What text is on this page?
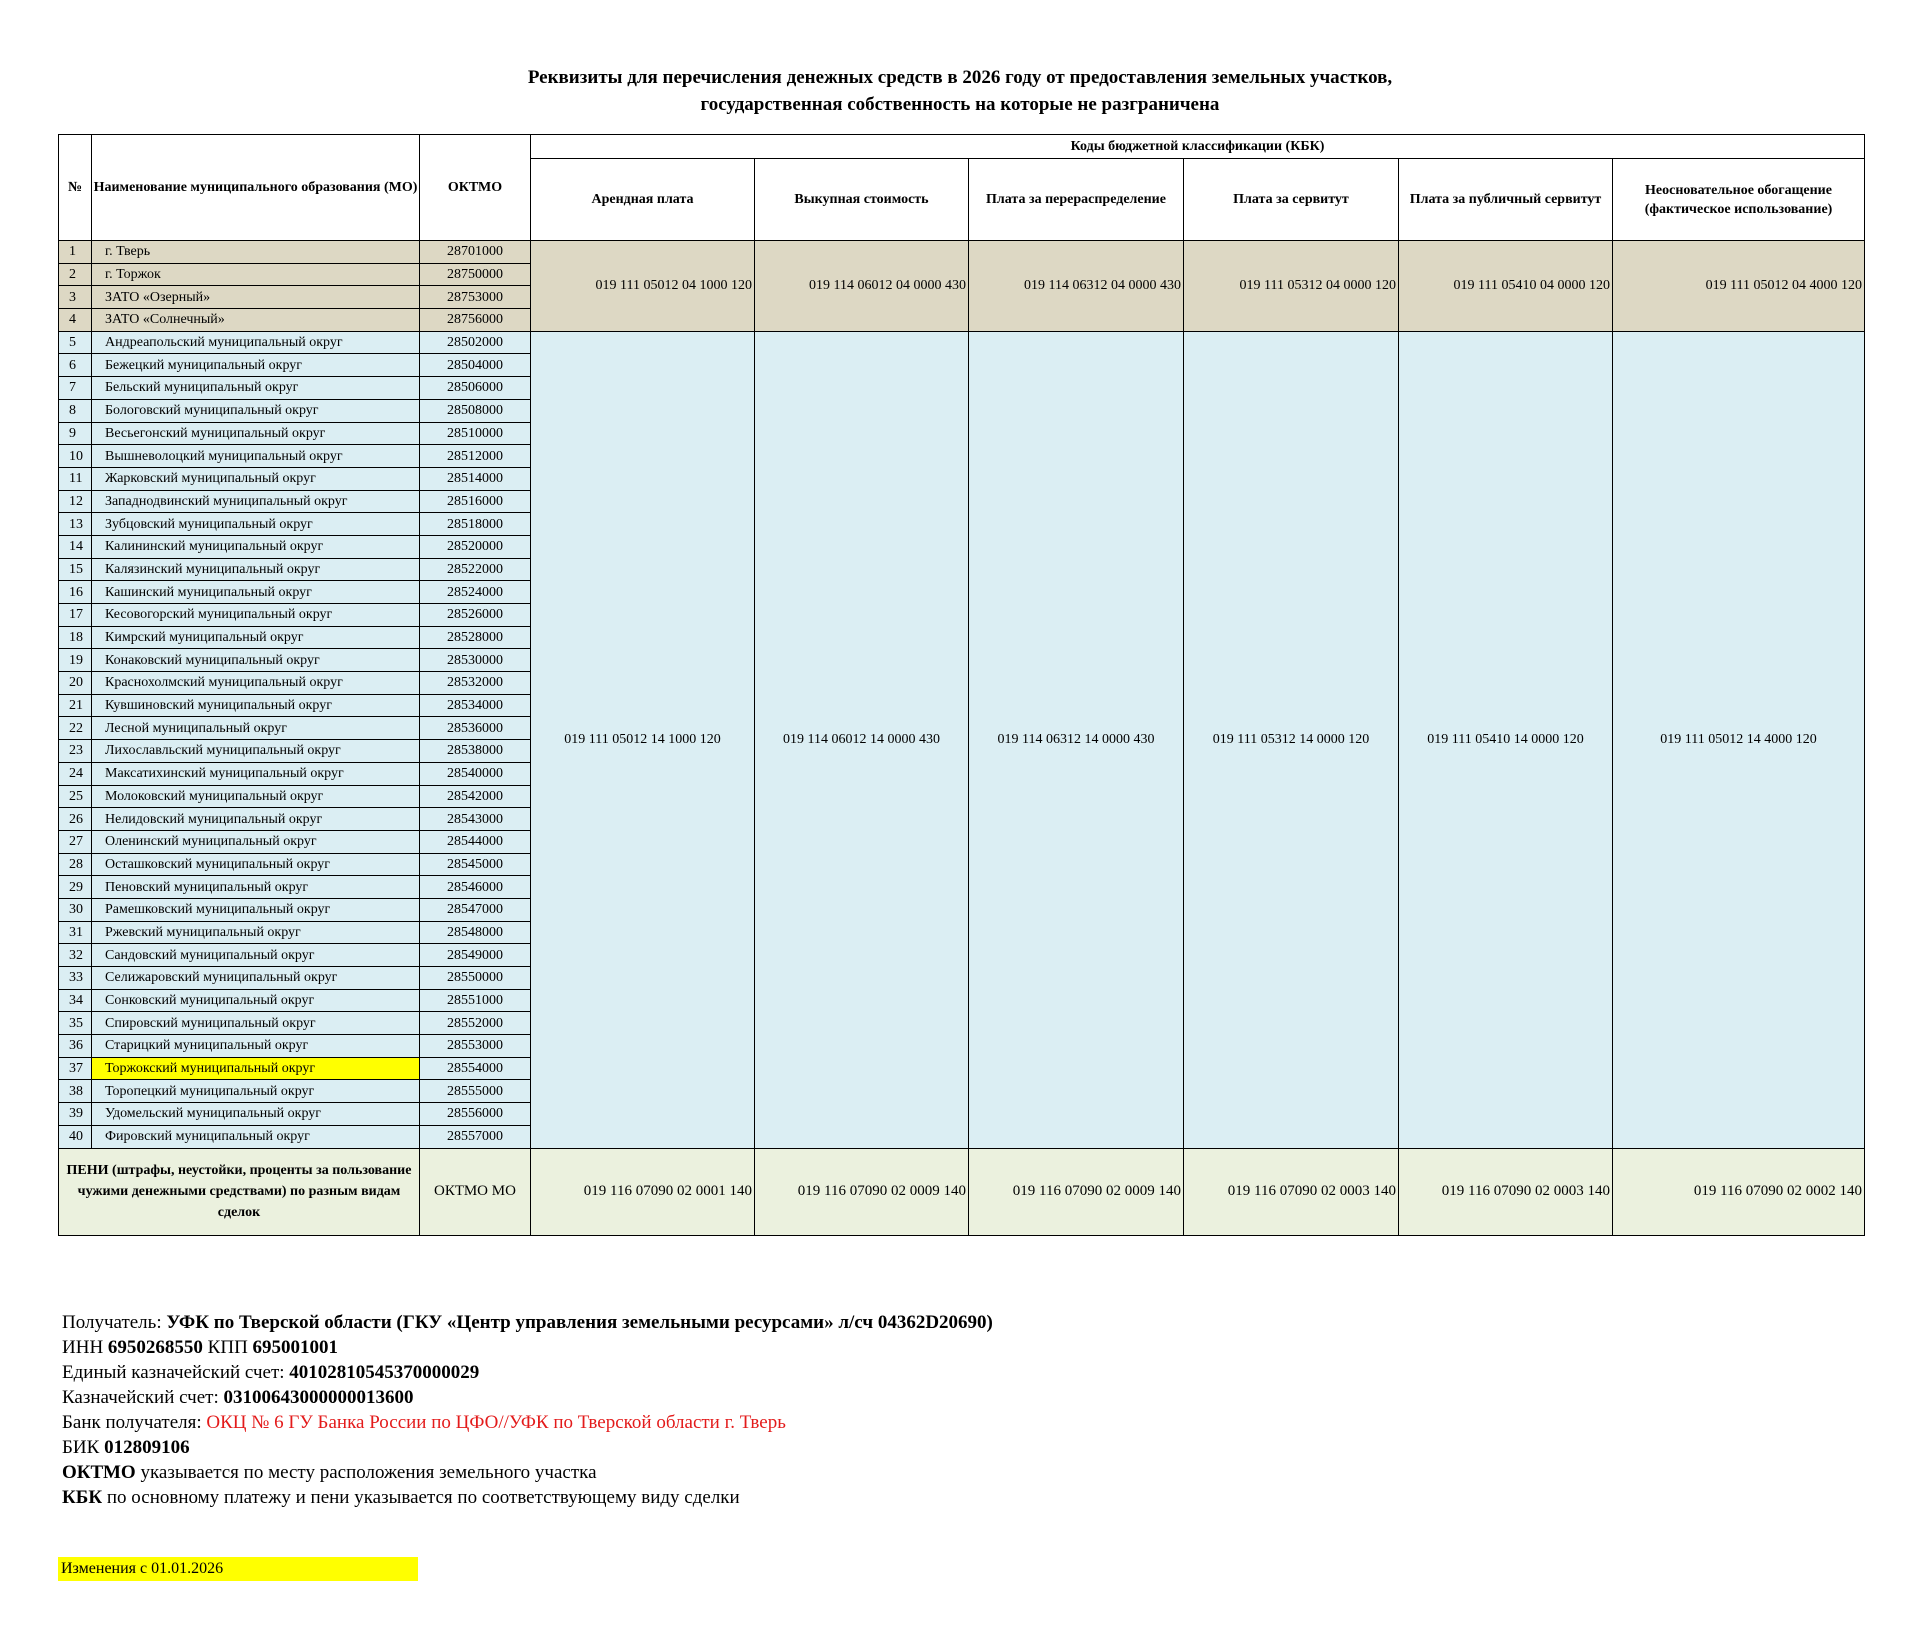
Реквизиты для перечисления денежных средств в 2026 году от предоставления земельных участков,
государственная собственность на которые не разграничена
№	Наименование муниципального образования (МО)	ОКТМО	Коды бюджетной классификации (КБК)					
			Арендная плата	Выкупная стоимость	Плата за перераспределение	Плата за сервитут	Плата за публичный сервитут	Неосновательное обогащение (фактическое использование)
1	г. Тверь	28701000	019 111 05012 04 1000 120	019 114 06012 04 0000 430	019 114 06312 04 0000 430	019 111 05312 04 0000 120	019 111 05410 04 0000 120	019 111 05012 04 4000 120
2	г. Торжок	28750000						
3	ЗАТО «Озерный»	28753000						
4	ЗАТО «Солнечный»	28756000						
5	Андреапольский муниципальный округ	28502000	019 111 05012 14 1000 120	019 114 06012 14 0000 430	019 114 06312 14 0000 430	019 111 05312 14 0000 120	019 111 05410 14 0000 120	019 111 05012 14 4000 120
6	Бежецкий муниципальный округ	28504000						
7	Бельский муниципальный округ	28506000						
8	Бологовский муниципальный округ	28508000						
9	Весьегонский муниципальный округ	28510000						
10	Вышневолоцкий муниципальный округ	28512000						
11	Жарковский муниципальный округ	28514000						
12	Западнодвинский муниципальный округ	28516000						
13	Зубцовский муниципальный округ	28518000						
14	Калининский муниципальный округ	28520000						
15	Калязинский муниципальный округ	28522000						
16	Кашинский муниципальный округ	28524000						
17	Кесовогорский муниципальный округ	28526000						
18	Кимрский муниципальный округ	28528000						
19	Конаковский муниципальный округ	28530000						
20	Краснохолмский муниципальный округ	28532000						
21	Кувшиновский муниципальный округ	28534000						
22	Лесной муниципальный округ	28536000						
23	Лихославльский муниципальный округ	28538000						
24	Максатихинский муниципальный округ	28540000						
25	Молоковский муниципальный округ	28542000						
26	Нелидовский муниципальный округ	28543000						
27	Оленинский муниципальный округ	28544000						
28	Осташковский муниципальный округ	28545000						
29	Пеновский муниципальный округ	28546000						
30	Рамешковский муниципальный округ	28547000						
31	Ржевский муниципальный округ	28548000						
32	Сандовский муниципальный округ	28549000						
33	Селижаровский муниципальный округ	28550000						
34	Сонковский муниципальный округ	28551000						
35	Спировский муниципальный округ	28552000						
36	Старицкий муниципальный округ	28553000						
37	Торжокский муниципальный округ	28554000						
38	Торопецкий муниципальный округ	28555000						
39	Удомельский муниципальный округ	28556000						
40	Фировский муниципальный округ	28557000						
ПЕНИ (штрафы, неустойки, проценты за пользование чужими денежными средствами) по разным видам сделок		ОКТМО МО	019 116 07090 02 0001 140	019 116 07090 02 0009 140	019 116 07090 02 0009 140	019 116 07090 02 0003 140	019 116 07090 02 0003 140	019 116 07090 02 0002 140
Получатель: УФК по Тверской области (ГКУ «Центр управления земельными ресурсами» л/сч 04362D20690)
ИНН 6950268550 КПП 695001001
Единый казначейский счет: 40102810545370000029
Казначейский счет: 03100643000000013600
Банк получателя: ОКЦ № 6 ГУ Банка России по ЦФО//УФК по Тверской области г. Тверь
БИК 012809106
ОКТМО указывается по месту расположения земельного участка
КБК по основному платежу и пени указывается по соответствующему виду сделки
Изменения с 01.01.2026
